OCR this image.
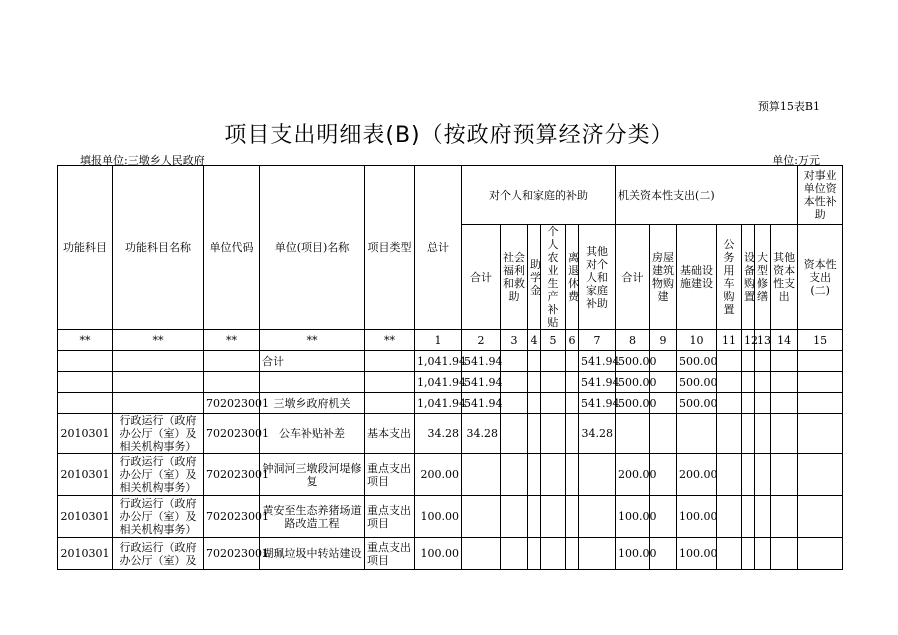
预算15表B1
项目支出明细表(B)（按政府预算经济分类）
填报单位:三墩乡人民政府	单位:万元
功能科目	功能科目名称	单位代码	单位(项目)名称	项目类型	总计	对个人和家庭的补助						机关资本性支出(二)							对事业单位资本性补助
						合计	社会福利和救助	助学金	个人农业生产补贴	离退休费	其他对个人和家庭补助	合计	房屋建筑物购建	基础设施建设	公务用车购置	设备购置	大型修缮	其他资本性支出	资本性支出(二)
**	**	**	**	**	1	2	3	4	5	6	7	8	9	10	11	12	13	14	15
			合计		1,041.94	541.94					541.94	500.00		500.00					
					1,041.94	541.94					541.94	500.00		500.00					
		702023001	三墩乡政府机关		1,041.94	541.94					541.94	500.00		500.00					
2010301	行政运行（政府办公厅（室）及相关机构事务）	702023001	公车补贴补差	基本支出	34.28	34.28					34.28								
2010301	行政运行（政府办公厅（室）及相关机构事务）	702023001	钟洞河三墩段河堤修复	重点支出项目	200.00							200.00		200.00					
2010301	行政运行（政府办公厅（室）及相关机构事务）	702023001	黄安至生态养猪场道路改造工程	重点支出项目	100.00							100.00		100.00					
2010301	行政运行（政府办公厅（室）及	702023001	瑚珮垃圾中转站建设	重点支出项目	100.00							100.00		100.00					
